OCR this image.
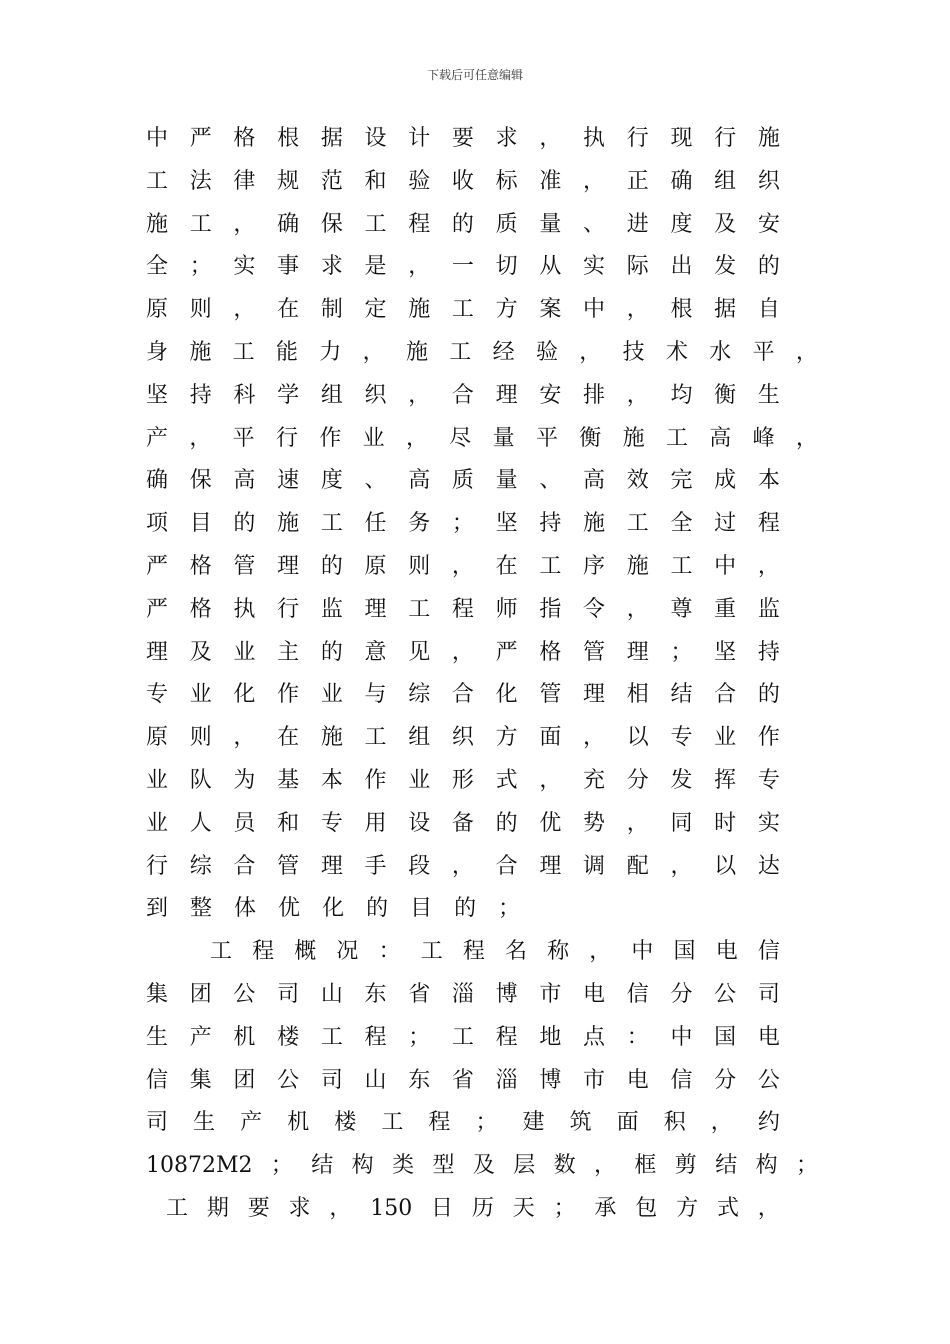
下载后可任意编辑
中 严 格 根 据 设 计 要 求 ， 执 行 现 行 施
工 法 律 规 范 和 验 收 标 准 ， 正 确 组 织
施 工 ， 确 保 工 程 的 质 量 、 进 度 及 安
全 ； 实 事 求 是 ， 一 切 从 实 际 出 发 的
原 则 ， 在 制 定 施 工 方 案 中 ， 根 据 自
身 施 工 能 力 ， 施 工 经 验 ， 技 术 水 平 ，
坚 持 科 学 组 织 ， 合 理 安 排 ， 均 衡 生
产 ， 平 行 作 业 ， 尽 量 平 衡 施 工 高 峰 ，
确 保 高 速 度 、 高 质 量 、 高 效 完 成 本
项 目 的 施 工 任 务 ； 坚 持 施 工 全 过 程
严 格 管 理 的 原 则 ， 在 工 序 施 工 中 ，
严 格 执 行 监 理 工 程 师 指 令 ， 尊 重 监
理 及 业 主 的 意 见 ， 严 格 管 理 ； 坚 持
专 业 化 作 业 与 综 合 化 管 理 相 结 合 的
原 则 ， 在 施 工 组 织 方 面 ， 以 专 业 作
业 队 为 基 本 作 业 形 式 ， 充 分 发 挥 专
业 人 员 和 专 用 设 备 的 优 势 ， 同 时 实
行 综 合 管 理 手 段 ， 合 理 调 配 ， 以 达
到 整 体 优 化 的 目 的 ；
工 程 概 况 ： 工 程 名 称 ， 中 国 电 信
集 团 公 司 山 东 省 淄 博 市 电 信 分 公 司
生 产 机 楼 工 程 ； 工 程 地 点 ： 中 国 电
信 集 团 公 司 山 东 省 淄 博 市 电 信 分 公
司 生 产 机 楼 工 程 ； 建 筑 面 积 ， 约
10872M2 ； 结 构 类 型 及 层 数 ， 框 剪 结 构 ；
工 期 要 求 ， 150 日 历 天 ； 承 包 方 式 ，
